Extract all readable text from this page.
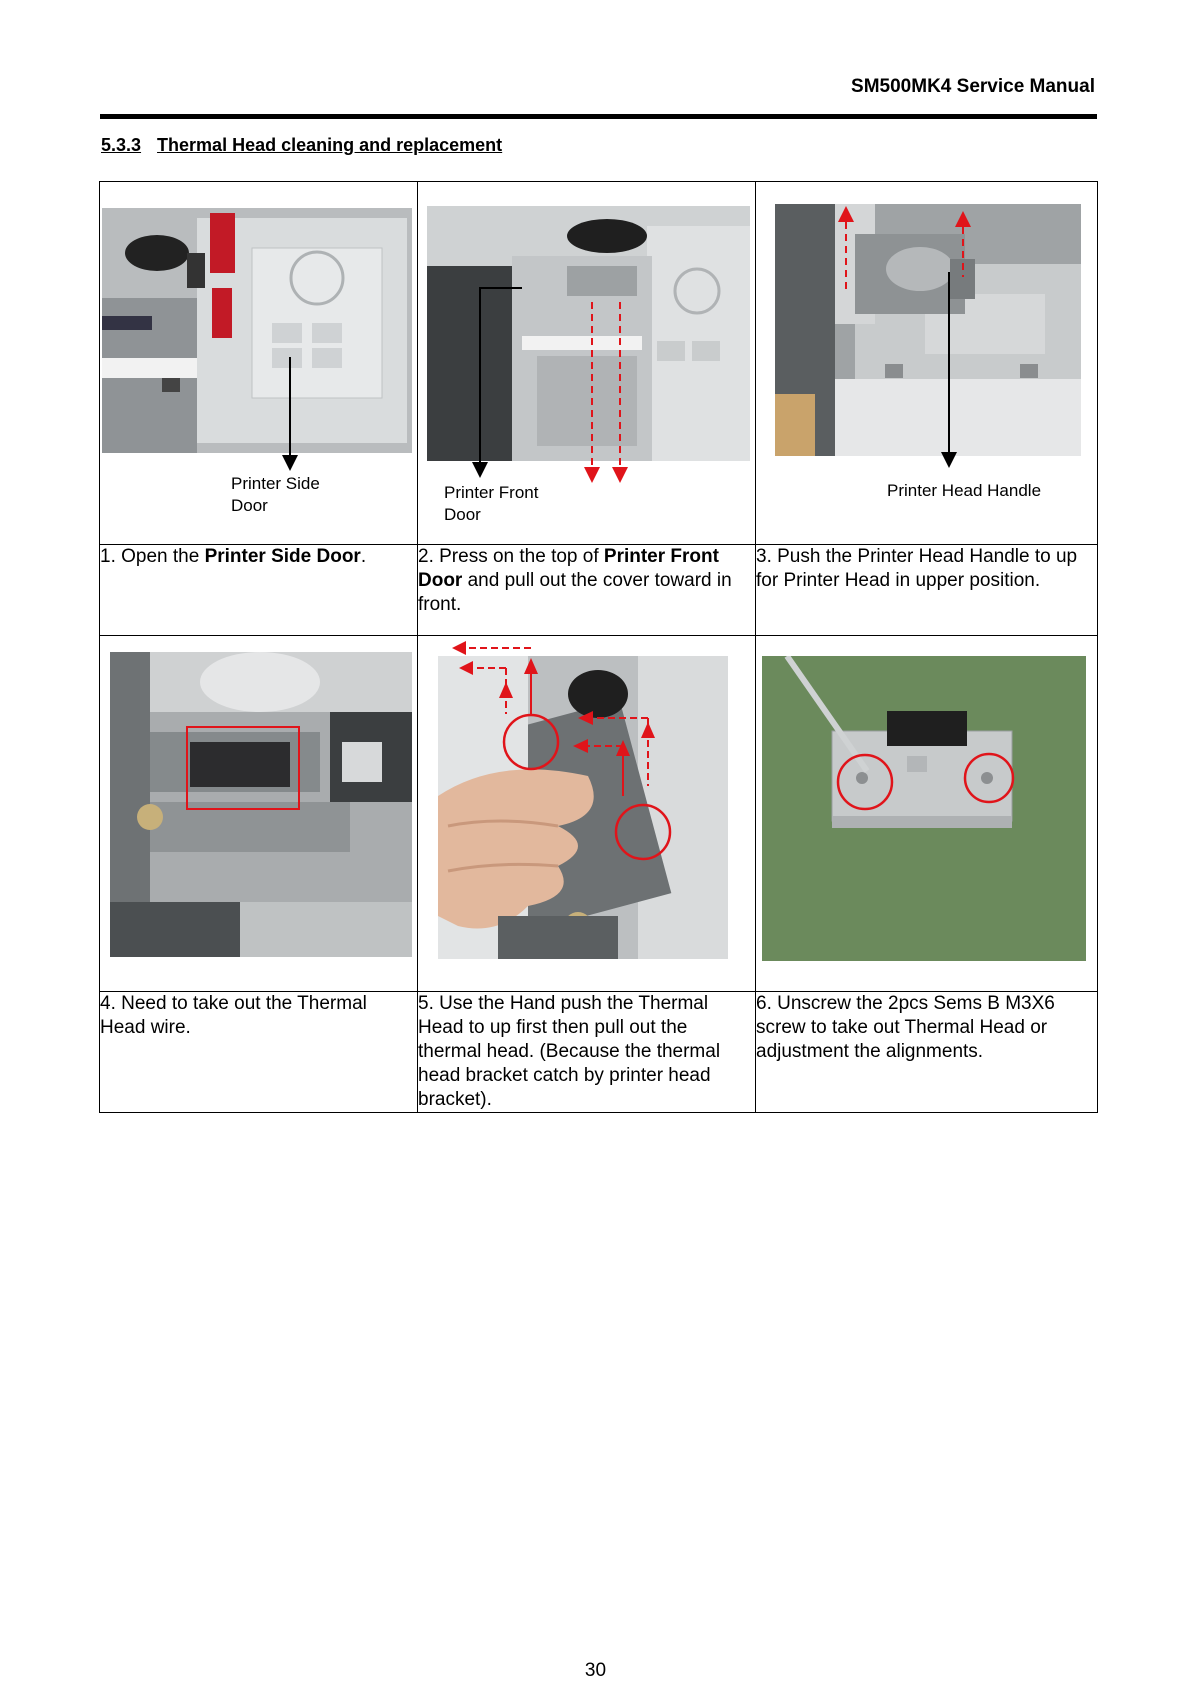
SM500MK4 Service Manual
5.3.3 Thermal Head cleaning and replacement
Printer Side Door	Printer Front Door	Printer Head Handle

1. Open the Printer Side Door.	2. Press on the top of Printer Front Door and pull out the cover toward in front.	3. Push the Printer Head Handle to up for Printer Head in upper position.

4. Need to take out the Thermal Head wire.	5. Use the Hand push the Thermal Head to up first then pull out the thermal head. (Because the thermal head bracket catch by printer head bracket).	6. Unscrew the 2pcs Sems B M3X6 screw to take out Thermal Head or adjustment the alignments.
30
